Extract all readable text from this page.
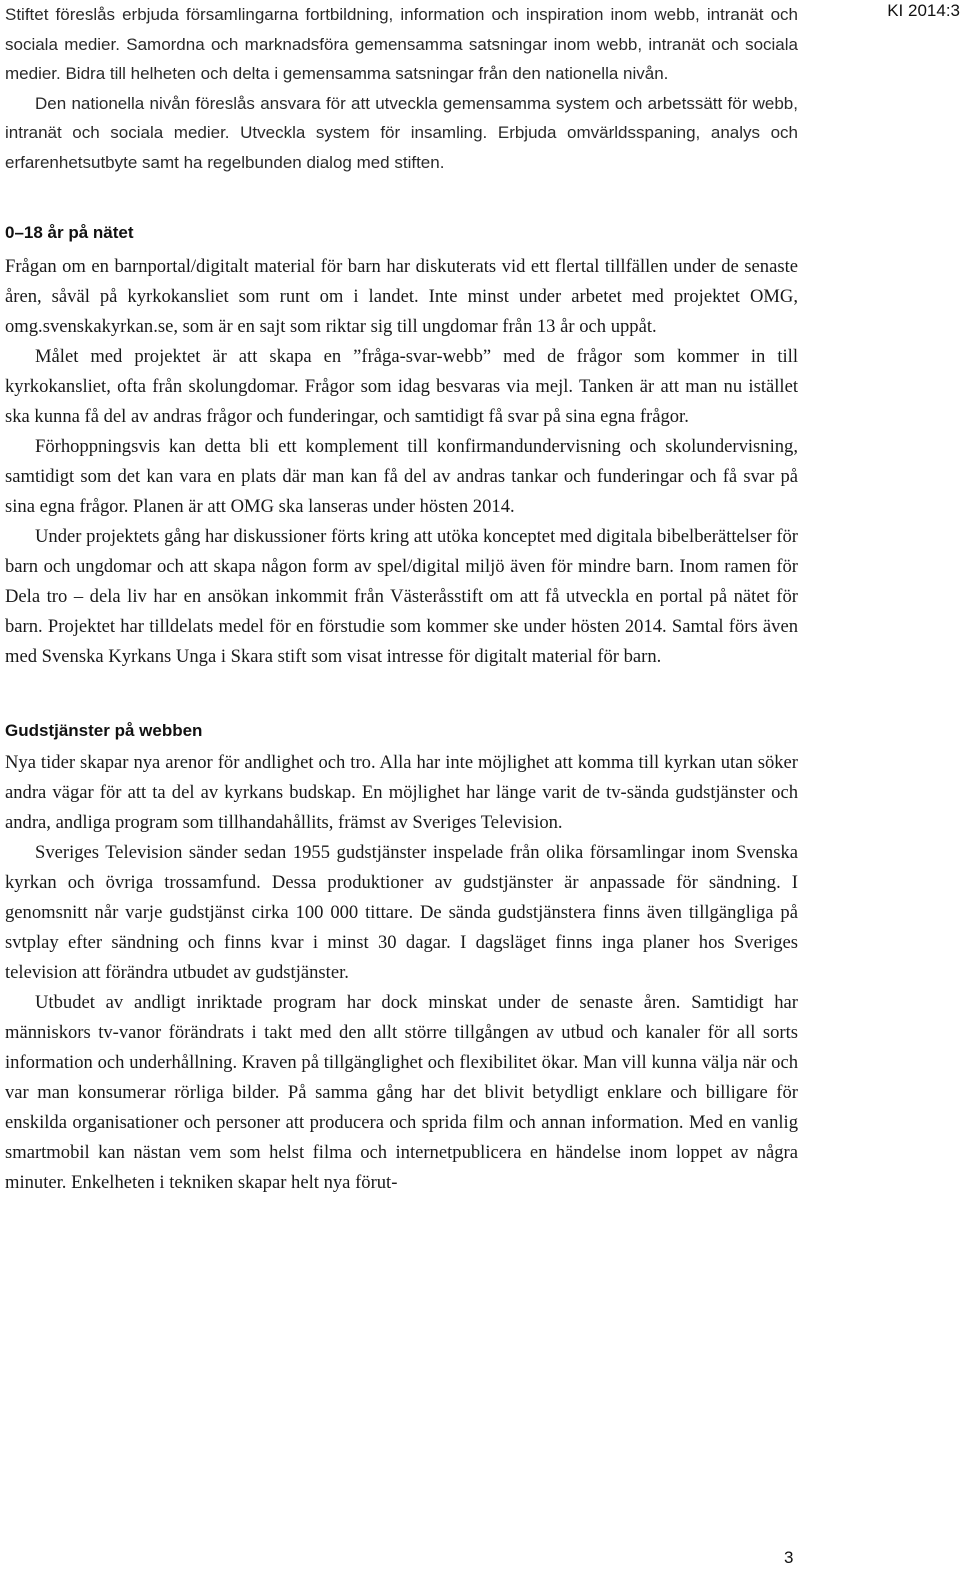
KI 2014:3

Stiftet föreslås erbjuda församlingarna fortbildning, information och inspiration inom webb, intranät och sociala medier. Samordna och marknadsföra gemensamma satsningar inom webb, intranät och sociala medier. Bidra till helheten och delta i gemensamma satsningar från den nationella nivån.

Den nationella nivån föreslås ansvara för att utveckla gemensamma system och arbetssätt för webb, intranät och sociala medier. Utveckla system för insamling. Erbjuda omvärldsspaning, analys och erfarenhetsutbyte samt ha regelbunden dialog med stiften.

0–18 år på nätet

Frågan om en barnportal/digitalt material för barn har diskuterats vid ett flertal tillfällen under de senaste åren, såväl på kyrkokansliet som runt om i landet. Inte minst under arbetet med projektet OMG, omg.svenskakyrkan.se, som är en sajt som riktar sig till ungdomar från 13 år och uppåt.

Målet med projektet är att skapa en ”fråga-svar-webb” med de frågor som kommer in till kyrkokansliet, ofta från skolungdomar. Frågor som idag besvaras via mejl. Tanken är att man nu istället ska kunna få del av andras frågor och funderingar, och samtidigt få svar på sina egna frågor.

Förhoppningsvis kan detta bli ett komplement till konfirmandundervisning och skolundervisning, samtidigt som det kan vara en plats där man kan få del av andras tankar och funderingar och få svar på sina egna frågor. Planen är att OMG ska lanseras under hösten 2014.

Under projektets gång har diskussioner förts kring att utöka konceptet med digitala bibelberättelser för barn och ungdomar och att skapa någon form av spel/digital miljö även för mindre barn. Inom ramen för Dela tro – dela liv har en ansökan inkommit från Västeråsstift om att få utveckla en portal på nätet för barn. Projektet har tilldelats medel för en förstudie som kommer ske under hösten 2014. Samtal förs även med Svenska Kyrkans Unga i Skara stift som visat intresse för digitalt material för barn.

Gudstjänster på webben

Nya tider skapar nya arenor för andlighet och tro. Alla har inte möjlighet att komma till kyrkan utan söker andra vägar för att ta del av kyrkans budskap. En möjlighet har länge varit de tv-sända gudstjänster och andra, andliga program som tillhandahållits, främst av Sveriges Television.

Sveriges Television sänder sedan 1955 gudstjänster inspelade från olika församlingar inom Svenska kyrkan och övriga trossamfund. Dessa produktioner av gudstjänster är anpassade för sändning. I genomsnitt når varje gudstjänst cirka 100 000 tittare. De sända gudstjänstera finns även tillgängliga på svtplay efter sändning och finns kvar i minst 30 dagar. I dagsläget finns inga planer hos Sveriges television att förändra utbudet av gudstjänster.

Utbudet av andligt inriktade program har dock minskat under de senaste åren. Samtidigt har människors tv-vanor förändrats i takt med den allt större tillgången av utbud och kanaler för all sorts information och underhållning. Kraven på tillgänglighet och flexibilitet ökar. Man vill kunna välja när och var man konsumerar rörliga bilder. På samma gång har det blivit betydligt enklare och billigare för enskilda organisationer och personer att producera och sprida film och annan information. Med en vanlig smartmobil kan nästan vem som helst filma och internetpublicera en händelse inom loppet av några minuter. Enkelheten i tekniken skapar helt nya förut-

3
